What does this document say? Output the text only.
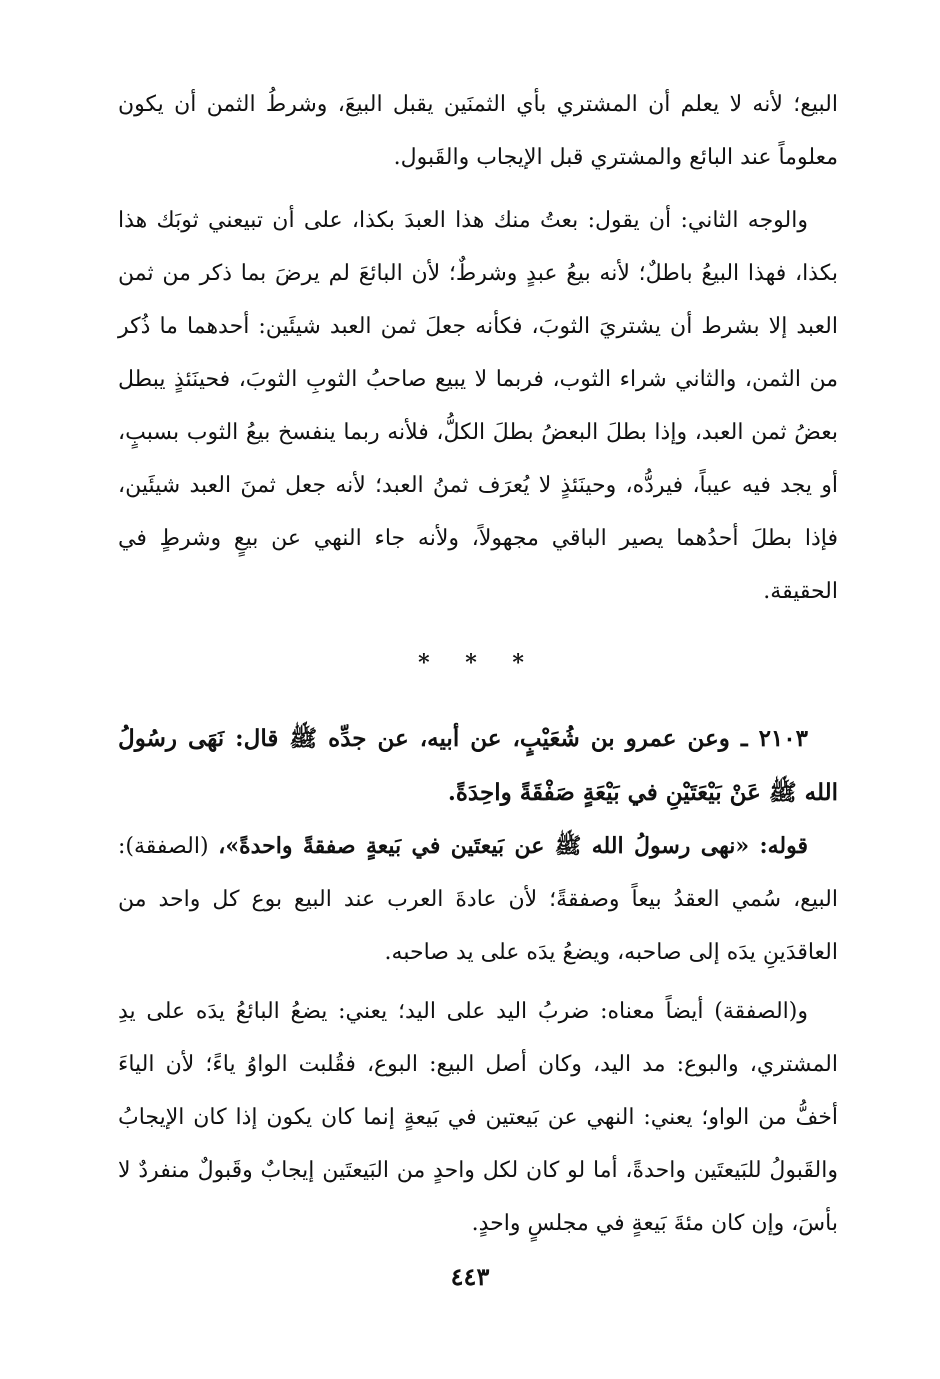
البيع؛ لأنه لا يعلم أن المشتري بأي الثمنَين يقبل البيعَ، وشرطُ الثمن أن يكون معلوماً عند البائع والمشتري قبل الإيجاب والقَبول.

والوجه الثاني: أن يقول: بعتُ منك هذا العبدَ بكذا، على أن تبيعني ثوبَك هذا بكذا، فهذا البيعُ باطلٌ؛ لأنه بيعُ عبدٍ وشرطٌ؛ لأن البائعَ لم يرضَ بما ذكر من ثمن العبد إلا بشرط أن يشتريَ الثوبَ، فكأنه جعلَ ثمن العبد شيئَين: أحدهما ما ذُكر من الثمن، والثاني شراء الثوب، فربما لا يبيع صاحبُ الثوبِ الثوبَ، فحينَئذٍ يبطل بعضُ ثمن العبد، وإذا بطلَ البعضُ بطلَ الكلُّ، فلأنه ربما ينفسخ بيعُ الثوب بسببٍ، أو يجد فيه عيباً، فيردُّه، وحينَئذٍ لا يُعرَف ثمنُ العبد؛ لأنه جعل ثمنَ العبد شيئَين، فإذا بطلَ أحدُهما يصير الباقي مجهولاً، ولأنه جاء النهي عن بيعٍ وشرطٍ في الحقيقة.

* * *

٢١٠٣ ـ وعن عمرو بن شُعَيْبٍ، عن أبيه، عن جدِّه ﷺ قال: نَهَى رسُولُ الله ﷺ عَنْ بَيْعَتَيْنِ في بَيْعَةٍ صَفْقَةً واحِدَةً.

قوله: «نهى رسولُ الله ﷺ عن بَيعتَين في بَيعةٍ صفقةً واحدةً»، (الصفقة): البيع، سُمي العقدُ بيعاً وصفقةً؛ لأن عادةَ العرب عند البيع بوع كل واحد من العاقدَينِ يدَه إلى صاحبه، ويضعُ يدَه على يد صاحبه.

و(الصفقة) أيضاً معناه: ضربُ اليد على اليد؛ يعني: يضعُ البائعُ يدَه على يدِ المشتري، والبوع: مد اليد، وكان أصل البيع: البوع، فقُلبت الواوُ ياءً؛ لأن الياءَ أخفُّ من الواو؛ يعني: النهي عن بَيعتين في بَيعةٍ إنما كان يكون إذا كان الإيجابُ والقَبولُ للبَيعتَين واحدةً، أما لو كان لكل واحدٍ من البَيعتَين إيجابٌ وقَبولٌ منفردٌ لا بأسَ، وإن كان مئةَ بَيعةٍ في مجلسٍ واحدٍ.

٤٤٣
